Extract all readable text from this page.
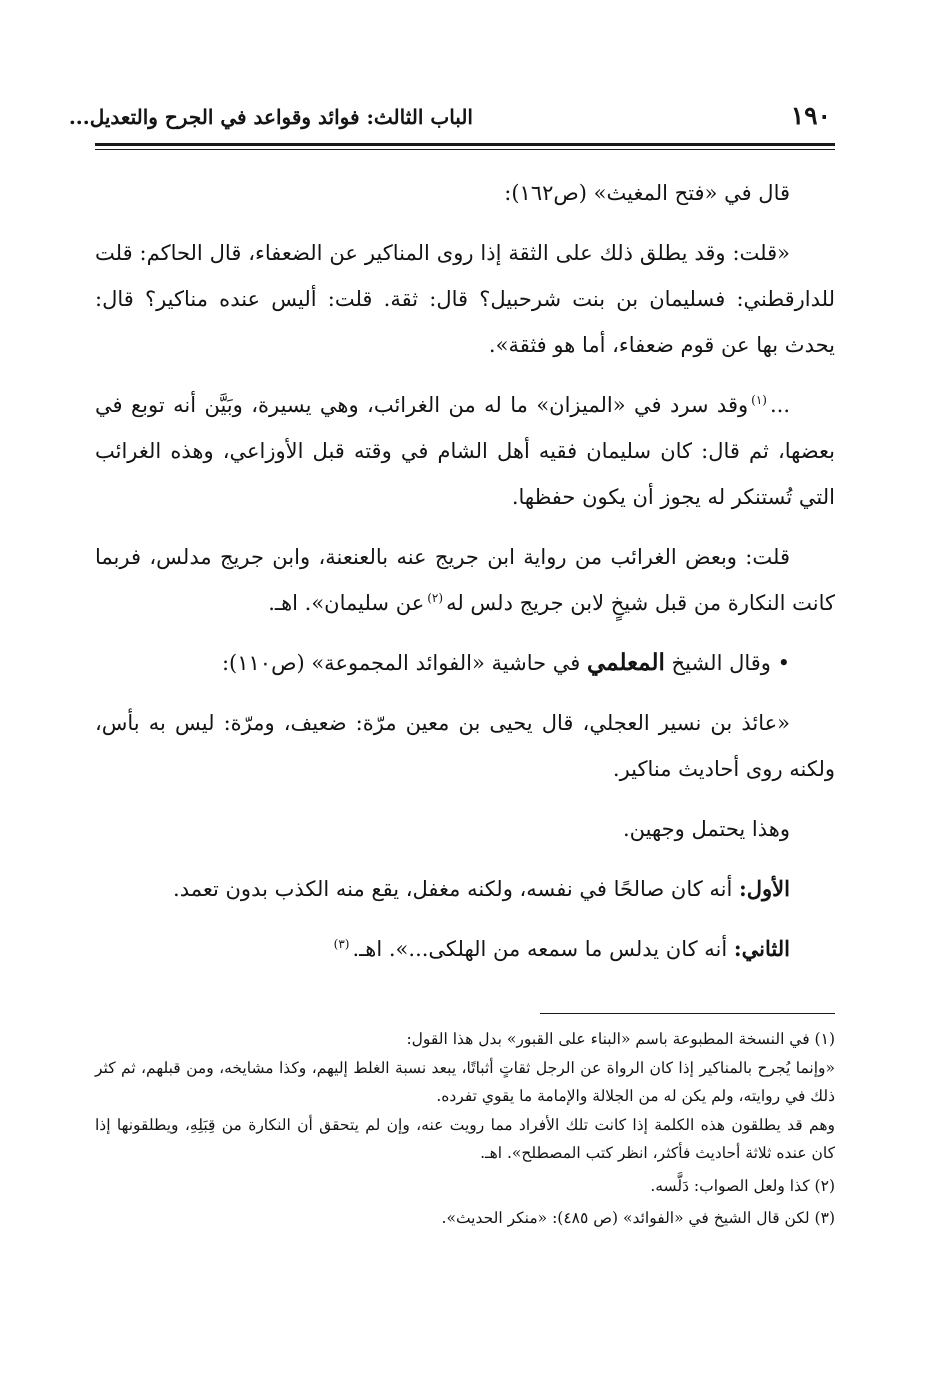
١٩٠
الباب الثالث: فوائد وقواعد في الجرح والتعديل...

قال في «فتح المغيث» (ص١٦٢):

«قلت: وقد يطلق ذلك على الثقة إذا روى المناكير عن الضعفاء، قال الحاكم: قلت للدارقطني: فسليمان بن بنت شرحبيل؟ قال: ثقة. قلت: أليس عنده مناكير؟ قال: يحدث بها عن قوم ضعفاء، أما هو فثقة».

...$^{(١)}$وقد سرد في «الميزان» ما له من الغرائب، وهي يسيرة، وبَيَّن أنه توبع في بعضها، ثم قال: كان سليمان فقيه أهل الشام في وقته قبل الأوزاعي، وهذه الغرائب التي تُستنكر له يجوز أن يكون حفظها.

قلت: وبعض الغرائب من رواية ابن جريج عنه بالعنعنة، وابن جريج مدلس، فربما كانت النكارة من قبل شيخٍ لابن جريج دلس له$^{(٢)}$عن سليمان». اهـ.

• وقال الشيخ المعلمي في حاشية «الفوائد المجموعة» (ص١١٠):

«عائذ بن نسير العجلي، قال يحيى بن معين مرّة: ضعيف، ومرّة: ليس به بأس، ولكنه روى أحاديث مناكير.

وهذا يحتمل وجهين.

الأول: أنه كان صالحًا في نفسه، ولكنه مغفل، يقع منه الكذب بدون تعمد.

الثاني: أنه كان يدلس ما سمعه من الهلكى...». اهـ.$^{(٣)}$

(١) في النسخة المطبوعة باسم «البناء على القبور» بدل هذا القول:

«وإنما يُجرح بالمناكير إذا كان الرواة عن الرجل ثقاتٍ أثباتًا، يبعد نسبة الغلط إليهم، وكذا مشايخه، ومن قبلهم، ثم كثر ذلك في روايته، ولم يكن له من الجلالة والإمامة ما يقوي تفرده.

وهم قد يطلقون هذه الكلمة إذا كانت تلك الأفراد مما رويت عنه، وإن لم يتحقق أن النكارة من قِبَلِهِ، ويطلقونها إذا كان عنده ثلاثة أحاديث فأكثر، انظر كتب المصطلح». اهـ.

(٢) كذا ولعل الصواب: دَلَّسه.

(٣) لكن قال الشيخ في «الفوائد» (ص ٤٨٥): «منكر الحديث».
